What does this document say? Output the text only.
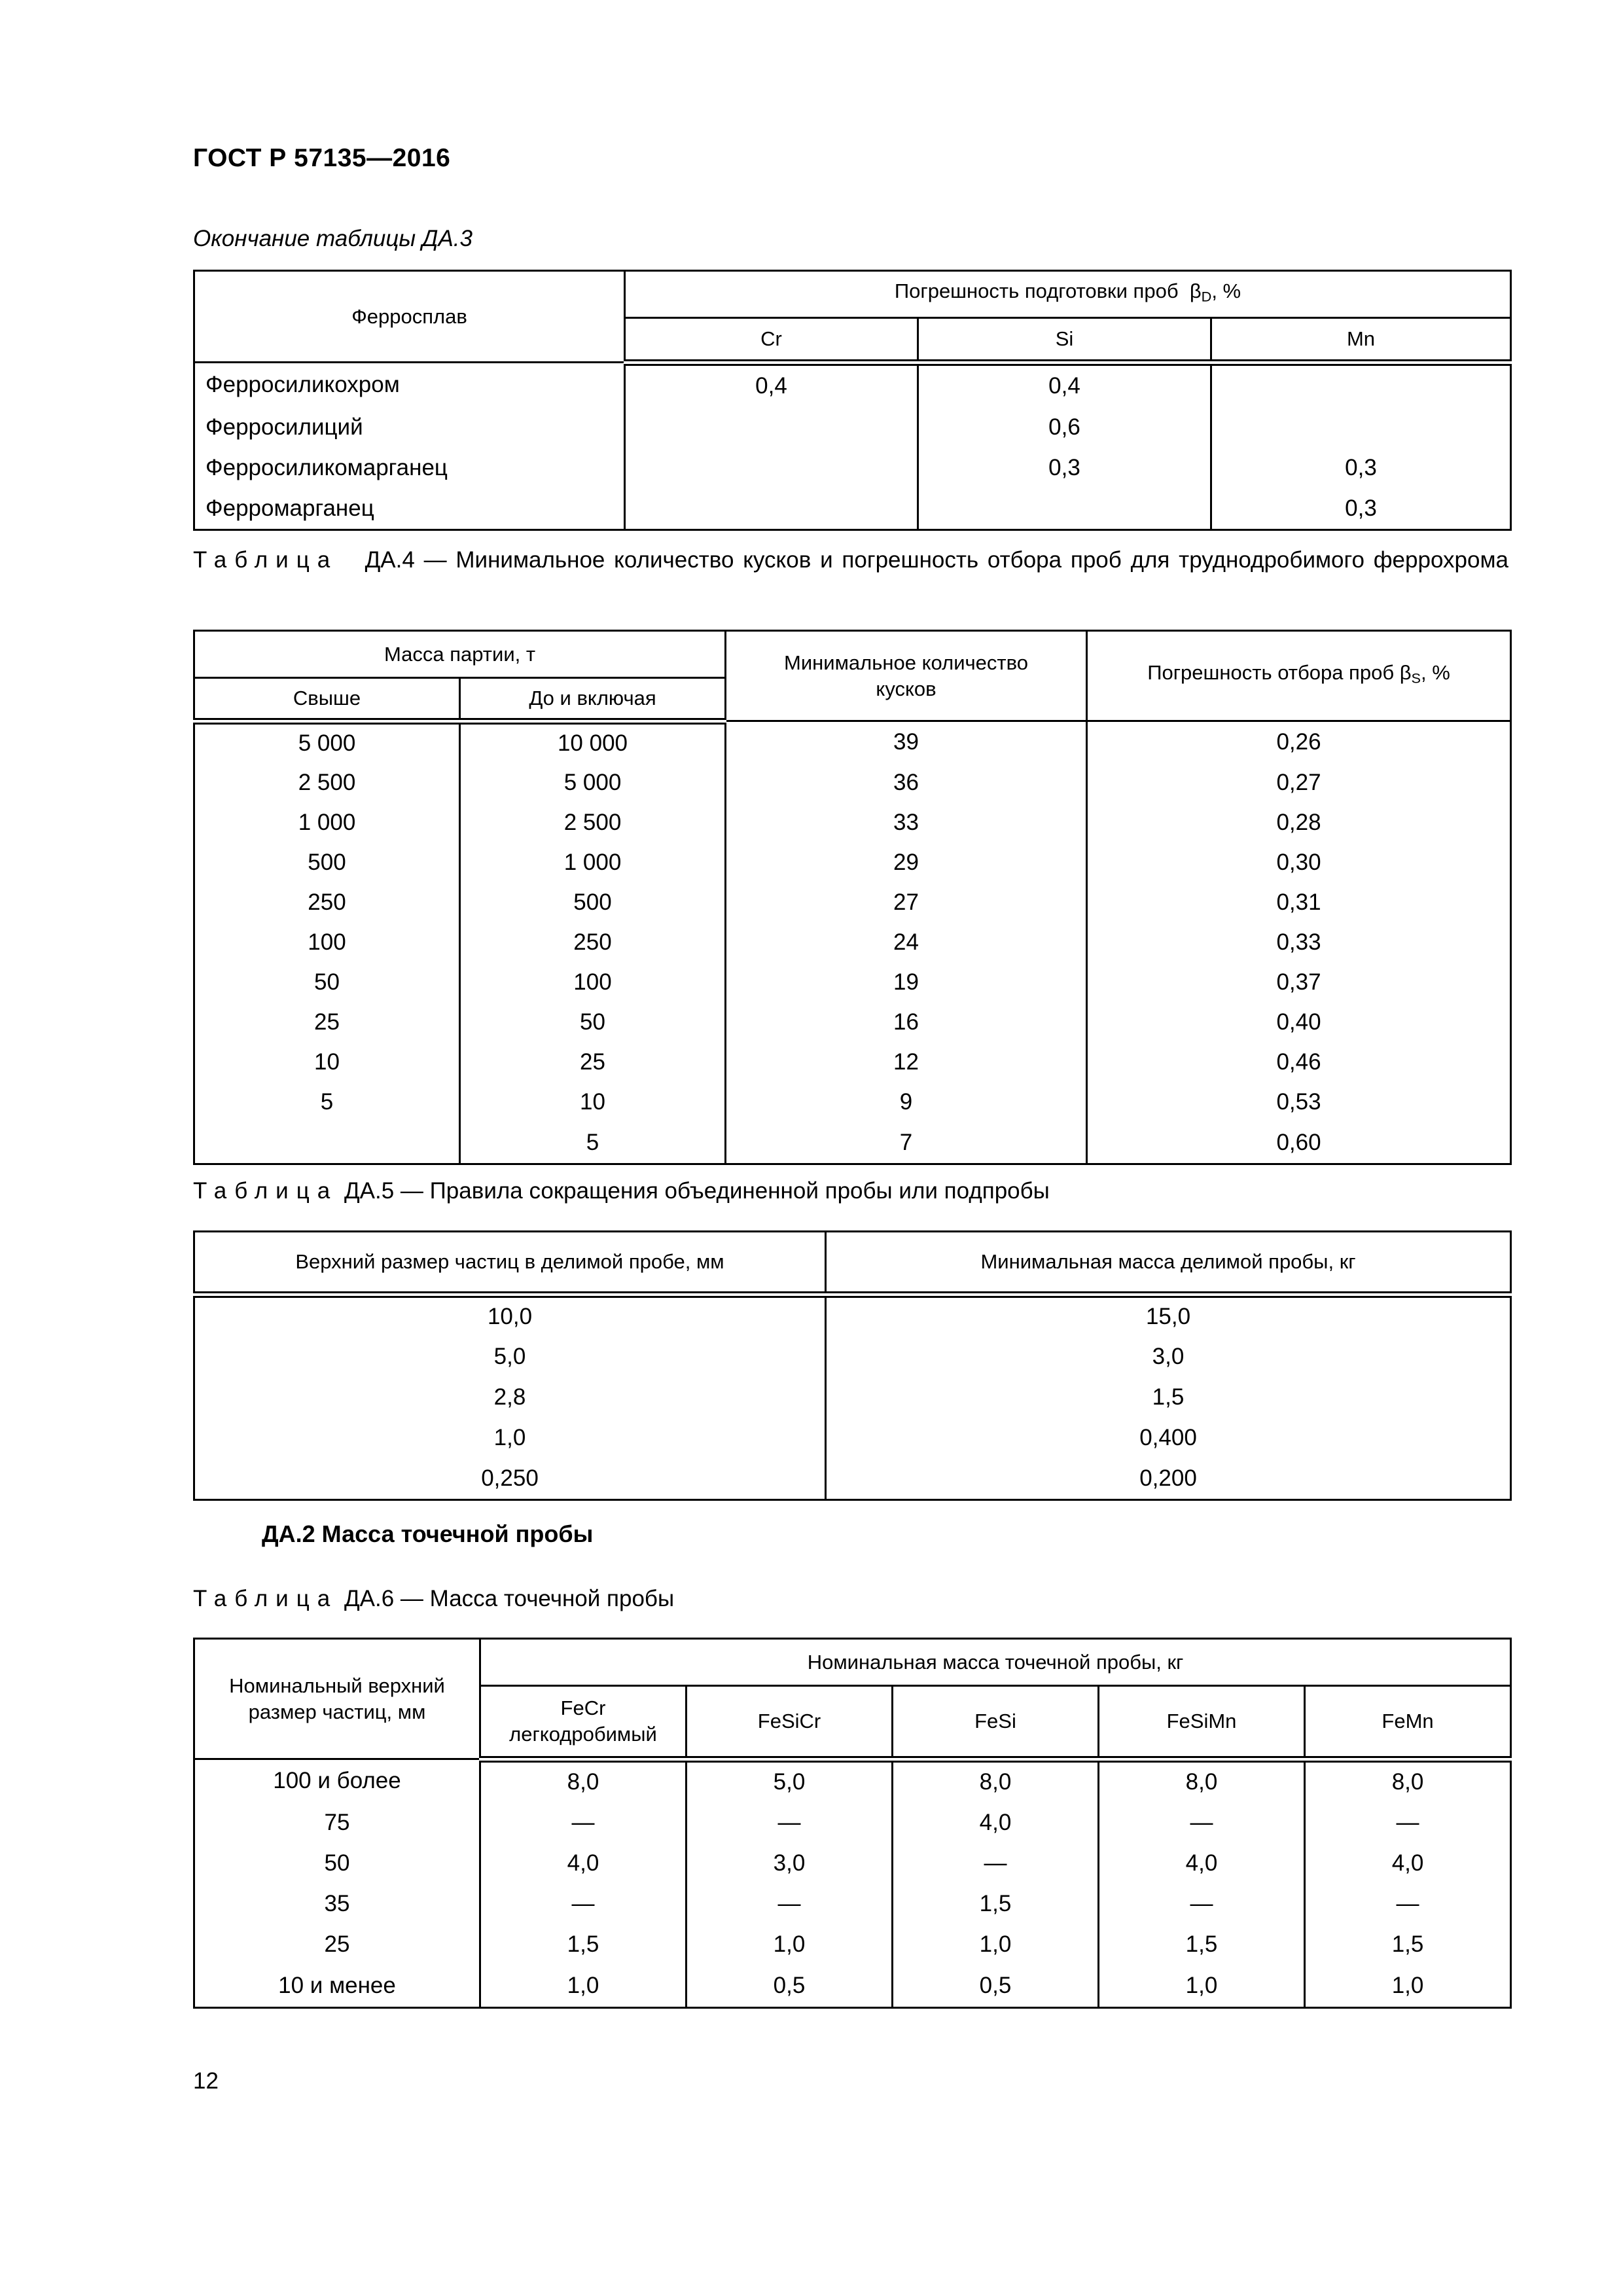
ГОСТ Р 57135—2016
Окончание таблицы ДА.3
Ферросплав	Погрешность подготовки проб $\beta_D$, %		
	Cr	Si	Mn
Ферросиликохром	0,4	0,4	
Ферросилиций		0,6	
Ферросиликомарганец		0,3	0,3
Ферромарганец			0,3
Таблица ДА.4 — Минимальное количество кусков и погрешность отбора проб для труднодробимого феррохрома
Масса партии, т		Минимальное количество кусков	Погрешность отбора проб $\beta_S$, %
Свыше	До и включая		
5 000	10 000	39	0,26
2 500	5 000	36	0,27
1 000	2 500	33	0,28
500	1 000	29	0,30
250	500	27	0,31
100	250	24	0,33
50	100	19	0,37
25	50	16	0,40
10	25	12	0,46
5	10	9	0,53
	5	7	0,60
Таблица ДА.5 — Правила сокращения объединенной пробы или подпробы
Верхний размер частиц в делимой пробе, мм	Минимальная масса делимой пробы, кг
10,0	15,0
5,0	3,0
2,8	1,5
1,0	0,400
0,250	0,200
ДА.2 Масса точечной пробы
Таблица ДА.6 — Масса точечной пробы
Номинальный верхний размер частиц, мм	Номинальная масса точечной пробы, кг				
	FeCr легкодробимый	FeSiCr	FeSi	FeSiMn	FeMn
100 и более	8,0	5,0	8,0	8,0	8,0
75	—	—	4,0	—	—
50	4,0	3,0	—	4,0	4,0
35	—	—	1,5	—	—
25	1,5	1,0	1,0	1,5	1,5
10 и менее	1,0	0,5	0,5	1,0	1,0
12
